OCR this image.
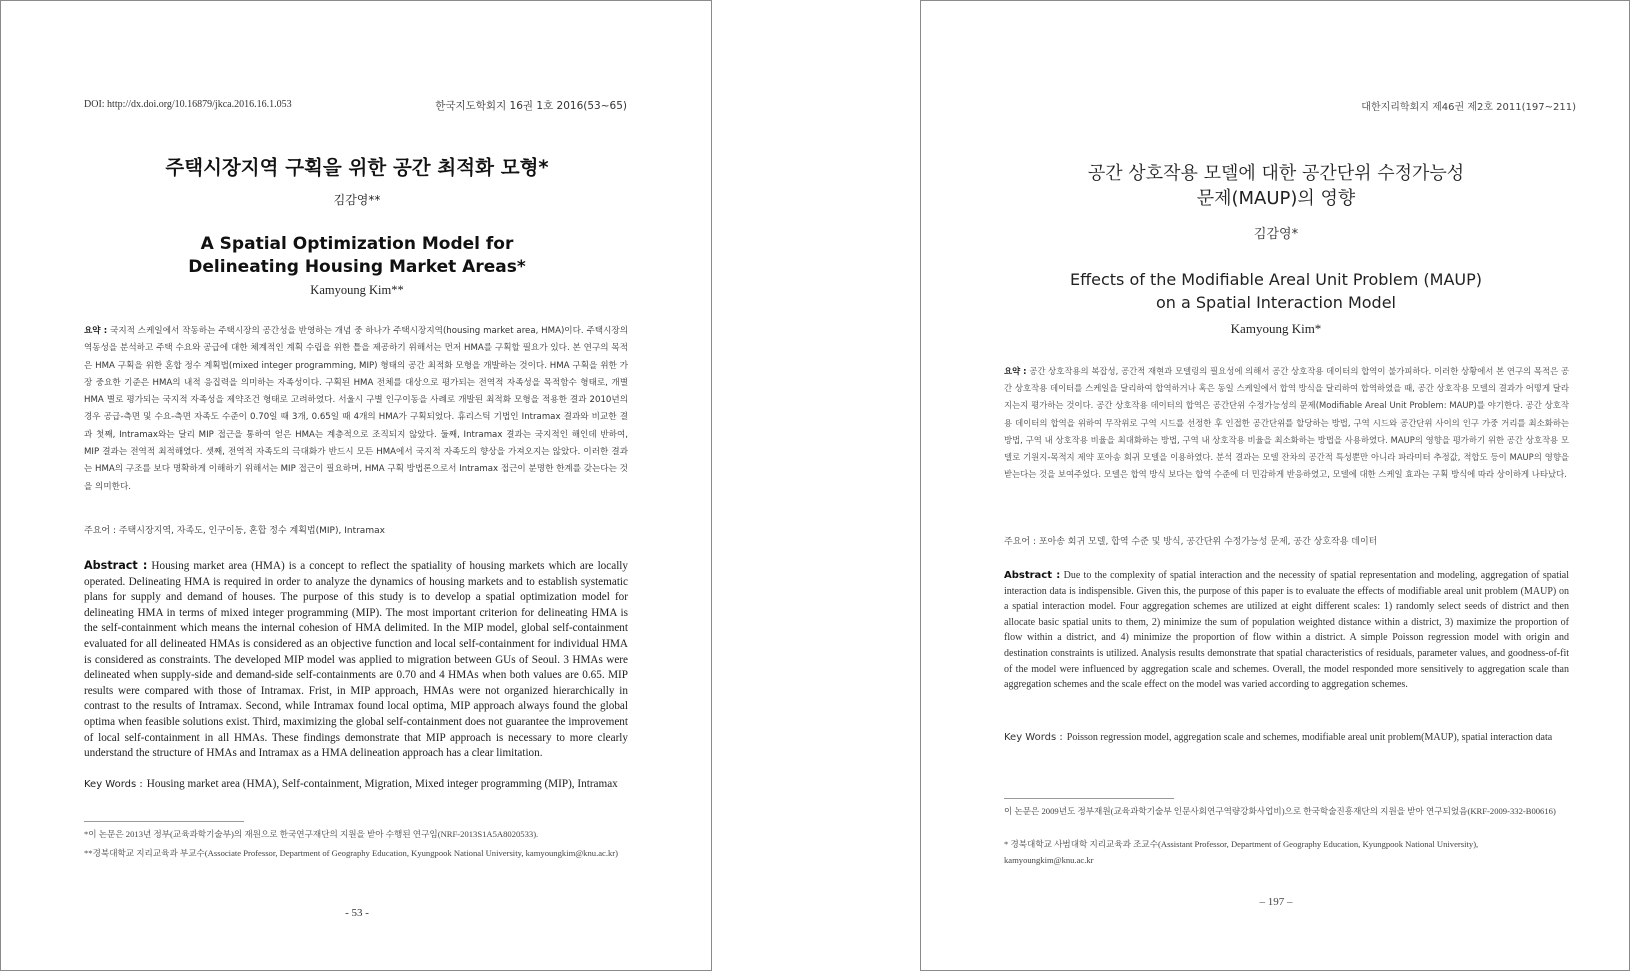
DOI: http://dx.doi.org/10.16879/jkca.2016.16.1.053	한국지도학회지 16권 1호 2016(53~65)
주택시장지역 구획을 위한 공간 최적화 모형*
김감영**
A Spatial Optimization Model for
Delineating Housing Market Areas*
Kamyoung Kim**
요약 : 국지적 스케일에서 작동하는 주택시장의 공간성을 반영하는 개념 중 하나가 주택시장지역(housing market area, HMA)이다. 주택시장의 역동성을 분석하고 주택 수요와 공급에 대한 체계적인 계획 수립을 위한 틀을 제공하기 위해서는 먼저 HMA를 구획할 필요가 있다. 본 연구의 목적은 HMA 구획을 위한 혼합 정수 계획법(mixed integer programming, MIP) 형태의 공간 최적화 모형을 개발하는 것이다. HMA 구획을 위한 가장 중요한 기준은 HMA의 내적 응집력을 의미하는 자족성이다. 구획된 HMA 전체를 대상으로 평가되는 전역적 자족성을 목적함수 형태로, 개별 HMA 별로 평가되는 국지적 자족성을 제약조건 형태로 고려하였다. 서울시 구별 인구이동을 사례로 개발된 최적화 모형을 적용한 결과 2010년의 경우 공급-측면 및 수요-측면 자족도 수준이 0.70일 때 3개, 0.65일 때 4개의 HMA가 구획되었다. 휴리스틱 기법인 Intramax 결과와 비교한 결과 첫째, Intramax와는 달리 MIP 접근을 통하여 얻은 HMA는 계층적으로 조직되지 않았다. 둘째, Intramax 결과는 국지적인 해인데 반하여, MIP 결과는 전역적 최적해였다. 셋째, 전역적 자족도의 극대화가 반드시 모든 HMA에서 국지적 자족도의 향상을 가져오지는 않았다. 이러한 결과는 HMA의 구조를 보다 명확하게 이해하기 위해서는 MIP 접근이 필요하며, HMA 구획 방법론으로서 Intramax 접근이 분명한 한계를 갖는다는 것을 의미한다.
주요어 : 주택시장지역, 자족도, 인구이동, 혼합 정수 계획법(MIP), Intramax
Abstract : Housing market area (HMA) is a concept to reflect the spatiality of housing markets which are locally operated. Delineating HMA is required in order to analyze the dynamics of housing markets and to establish systematic plans for supply and demand of houses. The purpose of this study is to develop a spatial optimization model for delineating HMA in terms of mixed integer programming (MIP). The most important criterion for delineating HMA is the self-containment which means the internal cohesion of HMA delimited. In the MIP model, global self-containment evaluated for all delineated HMAs is considered as an objective function and local self-containment for individual HMA is considered as constraints. The developed MIP model was applied to migration between GUs of Seoul. 3 HMAs were delineated when supply-side and demand-side self-containments are 0.70 and 4 HMAs when both values are 0.65. MIP results were compared with those of Intramax. Frist, in MIP approach, HMAs were not organized hierarchically in contrast to the results of Intramax. Second, while Intramax found local optima, MIP approach always found the global optima when feasible solutions exist. Third, maximizing the global self-containment does not guarantee the improvement of local self-containment in all HMAs. These findings demonstrate that MIP approach is necessary to more clearly understand the structure of HMAs and Intramax as a HMA delineation approach has a clear limitation.
Key Words : Housing market area (HMA), Self-containment, Migration, Mixed integer programming (MIP), Intramax
*이 논문은 2013년 정부(교육과학기술부)의 재원으로 한국연구재단의 지원을 받아 수행된 연구임(NRF-2013S1A5A8020533).
**경북대학교 지리교육과 부교수(Associate Professor, Department of Geography Education, Kyungpook National University, kamyoungkim@knu.ac.kr)
- 53 -
대한지리학회지 제46권 제2호 2011(197~211)
공간 상호작용 모델에 대한 공간단위 수정가능성
문제(MAUP)의 영향
김감영*
Effects of the Modifiable Areal Unit Problem (MAUP)
on a Spatial Interaction Model
Kamyoung Kim*
요약 : 공간 상호작용의 복잡성, 공간적 재현과 모델링의 필요성에 의해서 공간 상호작용 데이터의 합역이 불가피하다. 이러한 상황에서 본 연구의 목적은 공간 상호작용 데이터를 스케일을 달리하여 합역하거나 혹은 동일 스케일에서 합역 방식을 달리하여 합역하였을 때, 공간 상호작용 모델의 결과가 어떻게 달라지는지 평가하는 것이다. 공간 상호작용 데이터의 합역은 공간단위 수정가능성의 문제(Modifiable Areal Unit Problem: MAUP)를 야기한다. 공간 상호작용 데이터의 합역을 위하여 무작위로 구역 시드를 선정한 후 인접한 공간단위를 할당하는 방법, 구역 시드와 공간단위 사이의 인구 가중 거리를 최소화하는 방법, 구역 내 상호작용 비율을 최대화하는 방법, 구역 내 상호작용 비율을 최소화하는 방법을 사용하였다. MAUP의 영향을 평가하기 위한 공간 상호작용 모델로 기원지-목적지 제약 포아송 회귀 모델을 이용하였다. 분석 결과는 모델 잔차의 공간적 특성뿐만 아니라 파라미터 추정값, 적합도 등이 MAUP의 영향을 받는다는 것을 보여주었다. 모델은 합역 방식 보다는 합역 수준에 더 민감하게 반응하였고, 모델에 대한 스케일 효과는 구획 방식에 따라 상이하게 나타났다.
주요어 : 포아송 회귀 모델, 합역 수준 및 방식, 공간단위 수정가능성 문제, 공간 상호작용 데이터
Abstract : Due to the complexity of spatial interaction and the necessity of spatial representation and modeling, aggregation of spatial interaction data is indispensible. Given this, the purpose of this paper is to evaluate the effects of modifiable areal unit problem (MAUP) on a spatial interaction model. Four aggregation schemes are utilized at eight different scales: 1) randomly select seeds of district and then allocate basic spatial units to them, 2) minimize the sum of population weighted distance within a district, 3) maximize the proportion of flow within a district, and 4) minimize the proportion of flow within a district. A simple Poisson regression model with origin and destination constraints is utilized. Analysis results demonstrate that spatial characteristics of residuals, parameter values, and goodness-of-fit of the model were influenced by aggregation scale and schemes. Overall, the model responded more sensitively to aggregation scale than aggregation schemes and the scale effect on the model was varied according to aggregation schemes.
Key Words : Poisson regression model, aggregation scale and schemes, modifiable areal unit problem(MAUP), spatial interaction data
이 논문은 2009년도 정부재원(교육과학기술부 인문사회연구역량강화사업비)으로 한국학술진흥재단의 지원을 받아 연구되었음(KRF-2009-332-B00616)
* 경북대학교 사범대학 지리교육과 조교수(Assistant Professor, Department of Geography Education, Kyungpook National University), kamyoungkim@knu.ac.kr
– 197 –
